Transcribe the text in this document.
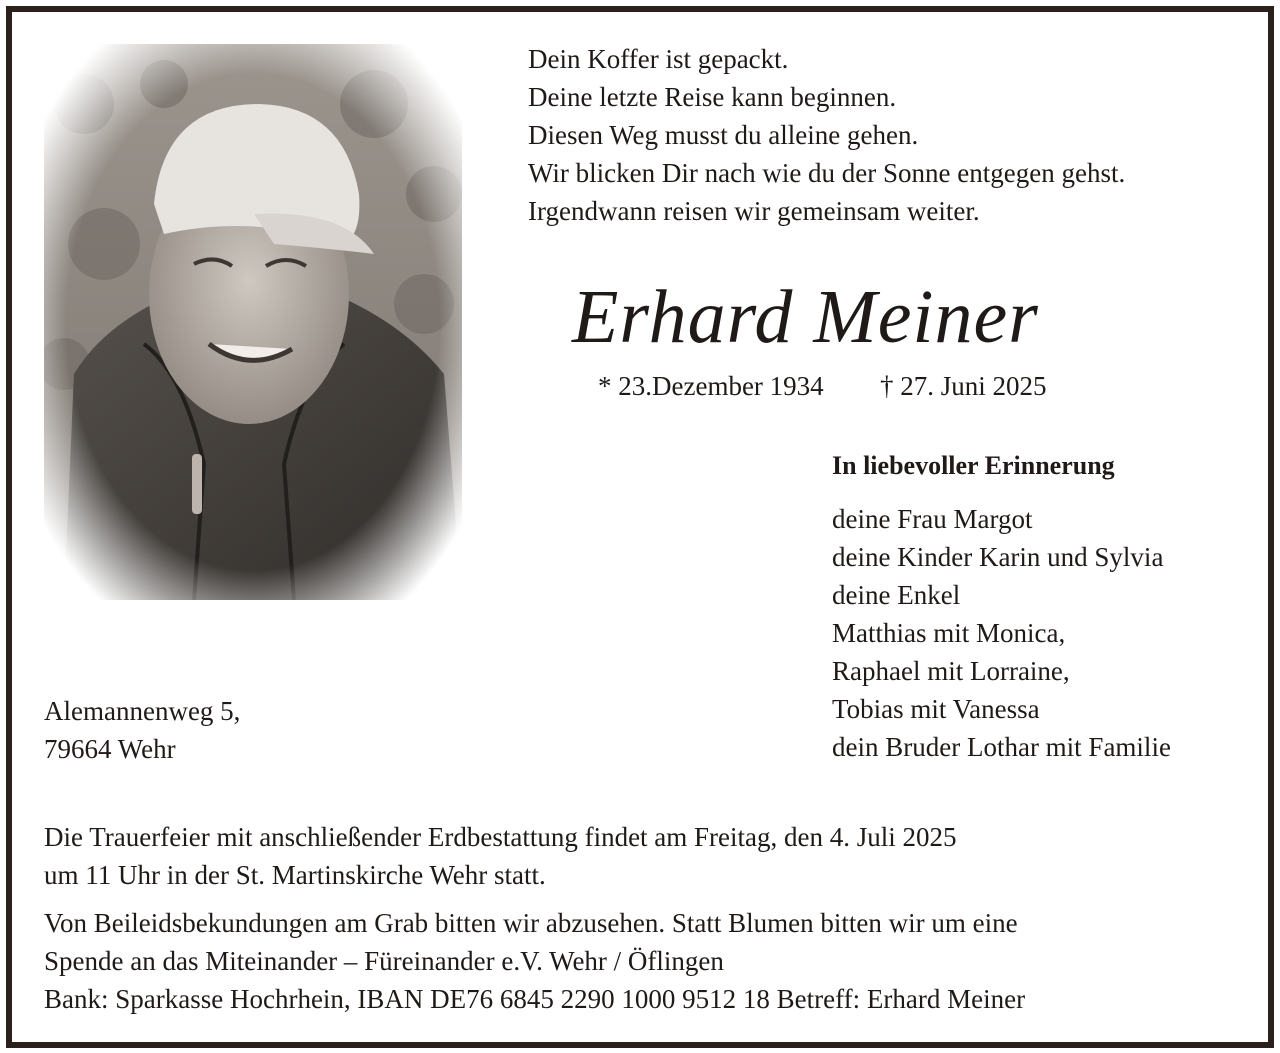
Dein Koffer ist gepackt.
Deine letzte Reise kann beginnen.
Diesen Weg musst du alleine gehen.
Wir blicken Dir nach wie du der Sonne entgegen gehst.
Irgendwann reisen wir gemeinsam weiter.
Erhard Meiner
* 23.Dezember 1934 † 27. Juni 2025
In liebevoller Erinnerung
deine Frau Margot
deine Kinder Karin und Sylvia
deine Enkel
Matthias mit Monica,
Raphael mit Lorraine,
Tobias mit Vanessa
dein Bruder Lothar mit Familie
Alemannenweg 5,
79664 Wehr
Die Trauerfeier mit anschließender Erdbestattung findet am Freitag, den 4. Juli 2025
um 11 Uhr in der St. Martinskirche Wehr statt.
Von Beileidsbekundungen am Grab bitten wir abzusehen. Statt Blumen bitten wir um eine
Spende an das Miteinander – Füreinander e.V. Wehr / Öflingen
Bank: Sparkasse Hochrhein, IBAN DE76 6845 2290 1000 9512 18 Betreff: Erhard Meiner
